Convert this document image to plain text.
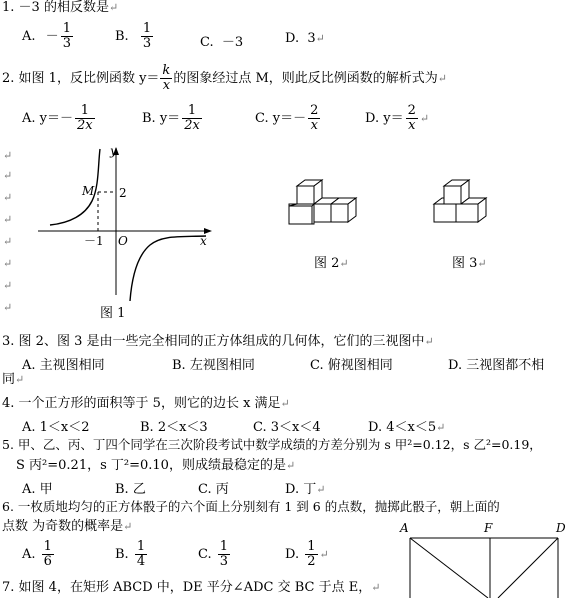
1. －3 的相反数是↵
A. － $\frac{1}{3}$	B. $\frac{1}{3}$	C. －3	D. 3↵
2. 如图 1，反比例函数 $y= \frac{k}{x}$ 的图象经过点 M，则此反比例函数的解析式为↵
A. $y=- \frac{1}{2x}$	B. $y= \frac{1}{2x}$	C. $y=- \frac{2}{x}$	D. $y= \frac{2}{x}$ ↵
↵
↵
↵
↵
↵
↵
↵
↵
y
x
M 2
－1 O
图 1
图 2↵	图 3↵
3. 图 2、图 3 是由一些完全相同的正方体组成的几何体，它们的三视图中↵
A. 主视图相同	B. 左视图相同	C. 俯视图相同	D. 三视图都不相
同↵
4. 一个正方形的面积等于 5，则它的边长 x 满足↵
A. 1＜x＜2	B. 2＜x＜3	C. 3＜x＜4	D. 4＜x＜5↵
5. 甲、乙、丙、丁四个同学在三次阶段考试中数学成绩的方差分别为 s 甲²=0.12，s 乙²=0.19，
S 丙²=0.21，s 丁²=0.10，则成绩最稳定的是↵
A. 甲	B. 乙	C. 丙	D. 丁↵
6. 一枚质地均匀的正方体骰子的六个面上分别刻有 1 到 6 的点数，抛掷此骰子，朝上面的
点数 为奇数的概率是↵
A. $\frac{1}{6}$	B. $\frac{1}{4}$	C. $\frac{1}{3}$	D. $\frac{1}{2}$ ↵
A	F	D
7. 如图 4，在矩形 ABCD 中，DE 平分∠ADC 交 BC 于点 E，↵
